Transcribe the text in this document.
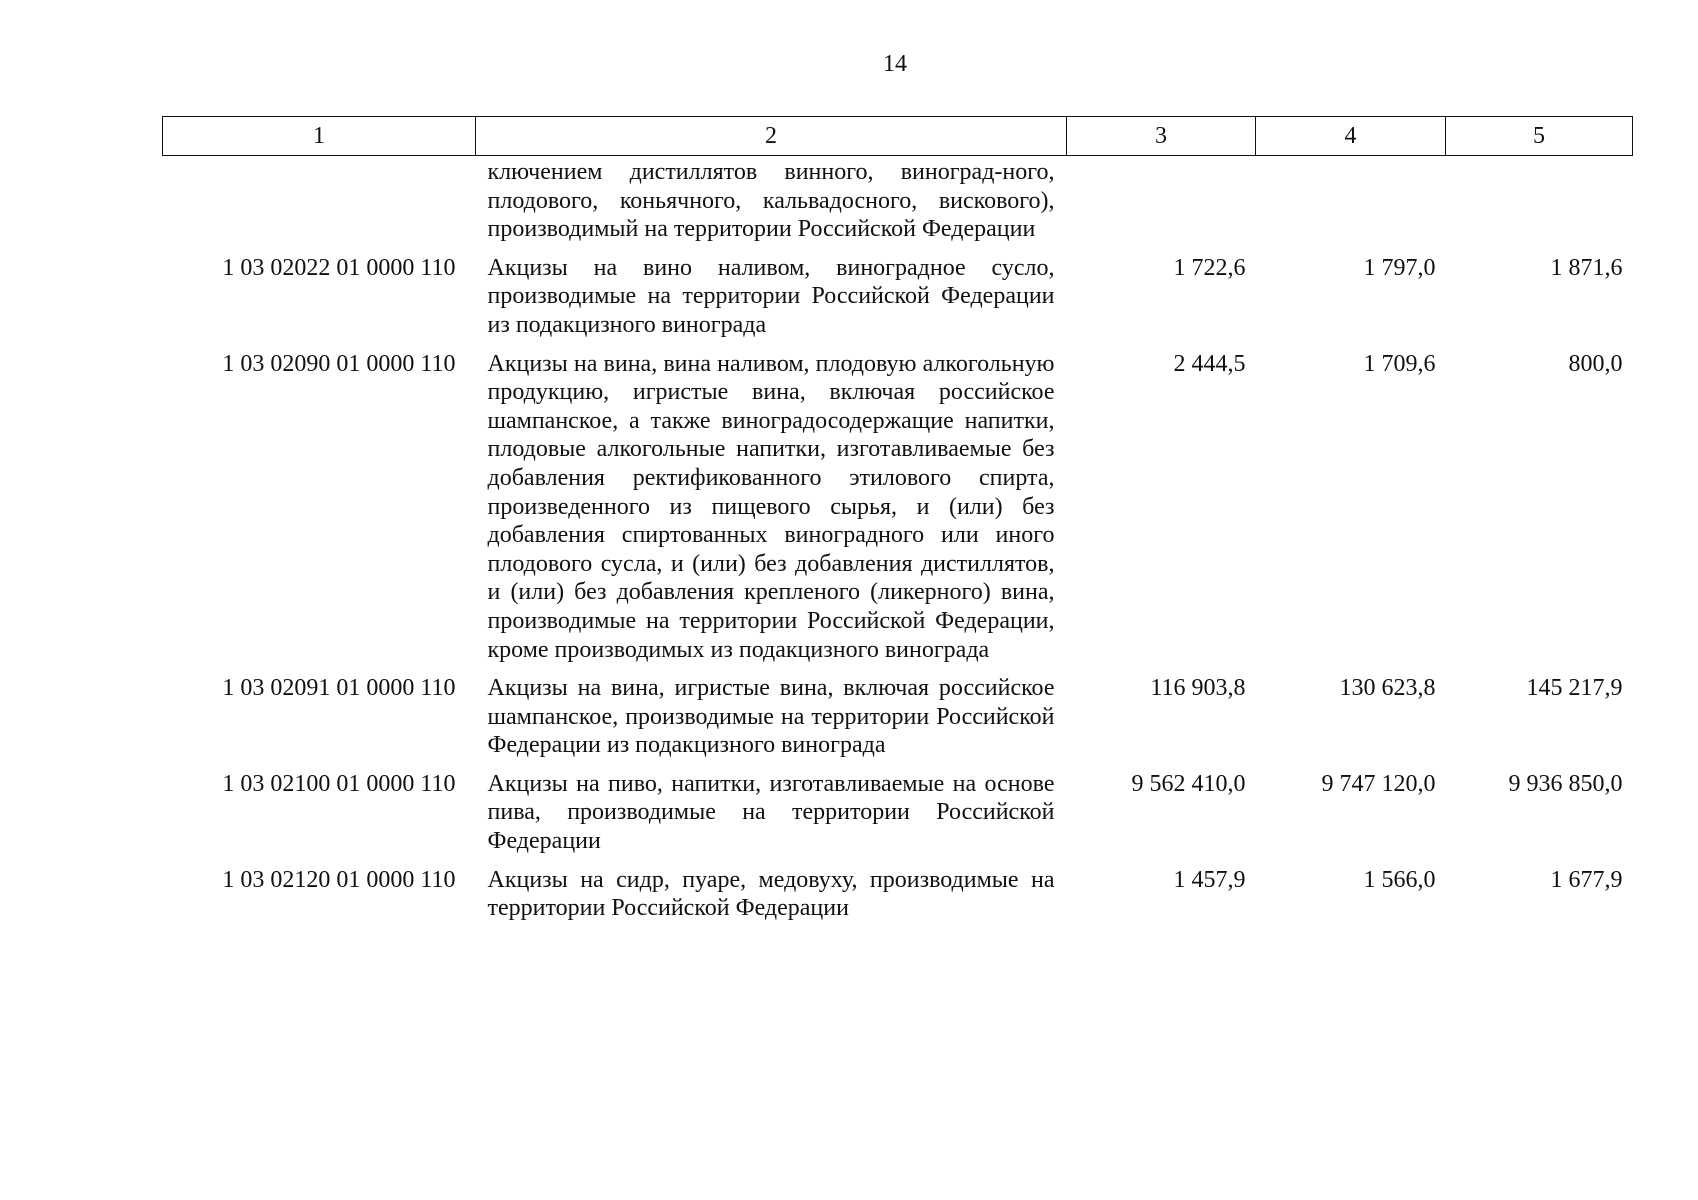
14
1	2	3	4	5
	ключением дистиллятов винного, виноград-ного, плодового, коньячного, кальвадосного, вискового), производимый на территории Российской Федерации			
1 03 02022 01 0000 110	Акцизы на вино наливом, виноградное сусло, производимые на территории Российской Федерации из подакцизного винограда	1 722,6	1 797,0	1 871,6
1 03 02090 01 0000 110	Акцизы на вина, вина наливом, плодовую алкогольную продукцию, игристые вина, включая российское шампанское, а также виноградосодержащие напитки, плодовые алкогольные напитки, изготавливаемые без добавления ректификованного этилового спирта, произведенного из пищевого сырья, и (или) без добавления спиртованных виноградного или иного плодового сусла, и (или) без добавления дистиллятов, и (или) без добавления крепленого (ликерного) вина, производимые на территории Российской Федерации, кроме производимых из подакцизного винограда	2 444,5	1 709,6	800,0
1 03 02091 01 0000 110	Акцизы на вина, игристые вина, включая российское шампанское, производимые на территории Российской Федерации из подакцизного винограда	116 903,8	130 623,8	145 217,9
1 03 02100 01 0000 110	Акцизы на пиво, напитки, изготавливаемые на основе пива, производимые на территории Российской Федерации	9 562 410,0	9 747 120,0	9 936 850,0
1 03 02120 01 0000 110	Акцизы на сидр, пуаре, медовуху, производимые на территории Российской Федерации	1 457,9	1 566,0	1 677,9
